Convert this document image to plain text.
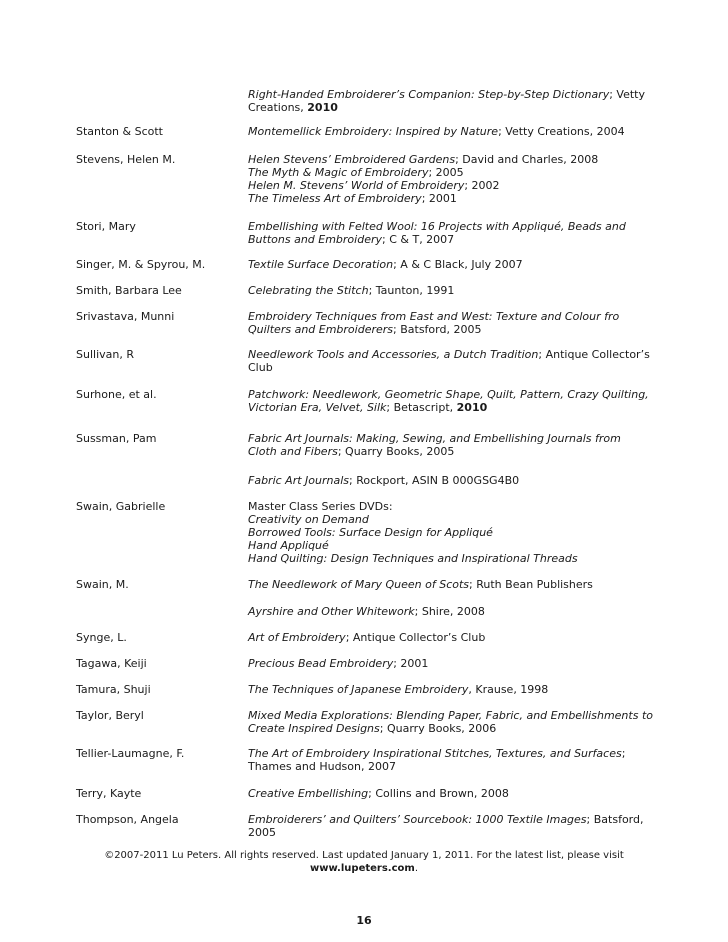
Right-Handed Embroiderer’s Companion: Step-by-Step Dictionary; Vetty
Creations, 2010
Stanton & Scott	Montemellick Embroidery: Inspired by Nature; Vetty Creations, 2004
Stevens, Helen M.	Helen Stevens’ Embroidered Gardens; David and Charles, 2008
The Myth & Magic of Embroidery; 2005
Helen M. Stevens’ World of Embroidery; 2002
The Timeless Art of Embroidery; 2001
Stori, Mary	Embellishing with Felted Wool: 16 Projects with Appliqué, Beads and
Buttons and Embroidery; C & T, 2007
Singer, M. & Spyrou, M.	Textile Surface Decoration; A & C Black, July 2007
Smith, Barbara Lee	Celebrating the Stitch; Taunton, 1991
Srivastava, Munni	Embroidery Techniques from East and West: Texture and Colour fro
Quilters and Embroiderers; Batsford, 2005
Sullivan, R	Needlework Tools and Accessories, a Dutch Tradition; Antique Collector’s
Club
Surhone, et al.	Patchwork: Needlework, Geometric Shape, Quilt, Pattern, Crazy Quilting,
Victorian Era, Velvet, Silk; Betascript, 2010
Sussman, Pam	Fabric Art Journals: Making, Sewing, and Embellishing Journals from
Cloth and Fibers; Quarry Books, 2005
Fabric Art Journals; Rockport, ASIN B 000GSG4B0
Swain, Gabrielle	Master Class Series DVDs:
Creativity on Demand
Borrowed Tools: Surface Design for Appliqué
Hand Appliqué
Hand Quilting: Design Techniques and Inspirational Threads
Swain, M.	The Needlework of Mary Queen of Scots; Ruth Bean Publishers
Ayrshire and Other Whitework; Shire, 2008
Synge, L.	Art of Embroidery; Antique Collector’s Club
Tagawa, Keiji	Precious Bead Embroidery; 2001
Tamura, Shuji	The Techniques of Japanese Embroidery, Krause, 1998
Taylor, Beryl	Mixed Media Explorations: Blending Paper, Fabric, and Embellishments to
Create Inspired Designs; Quarry Books, 2006
Tellier-Laumagne, F.	The Art of Embroidery Inspirational Stitches, Textures, and Surfaces;
Thames and Hudson, 2007
Terry, Kayte	Creative Embellishing; Collins and Brown, 2008
Thompson, Angela	Embroiderers’ and Quilters’ Sourcebook: 1000 Textile Images; Batsford,
2005
©2007-2011 Lu Peters. All rights reserved. Last updated January 1, 2011. For the latest list, please visit
www.lupeters.com.
16
